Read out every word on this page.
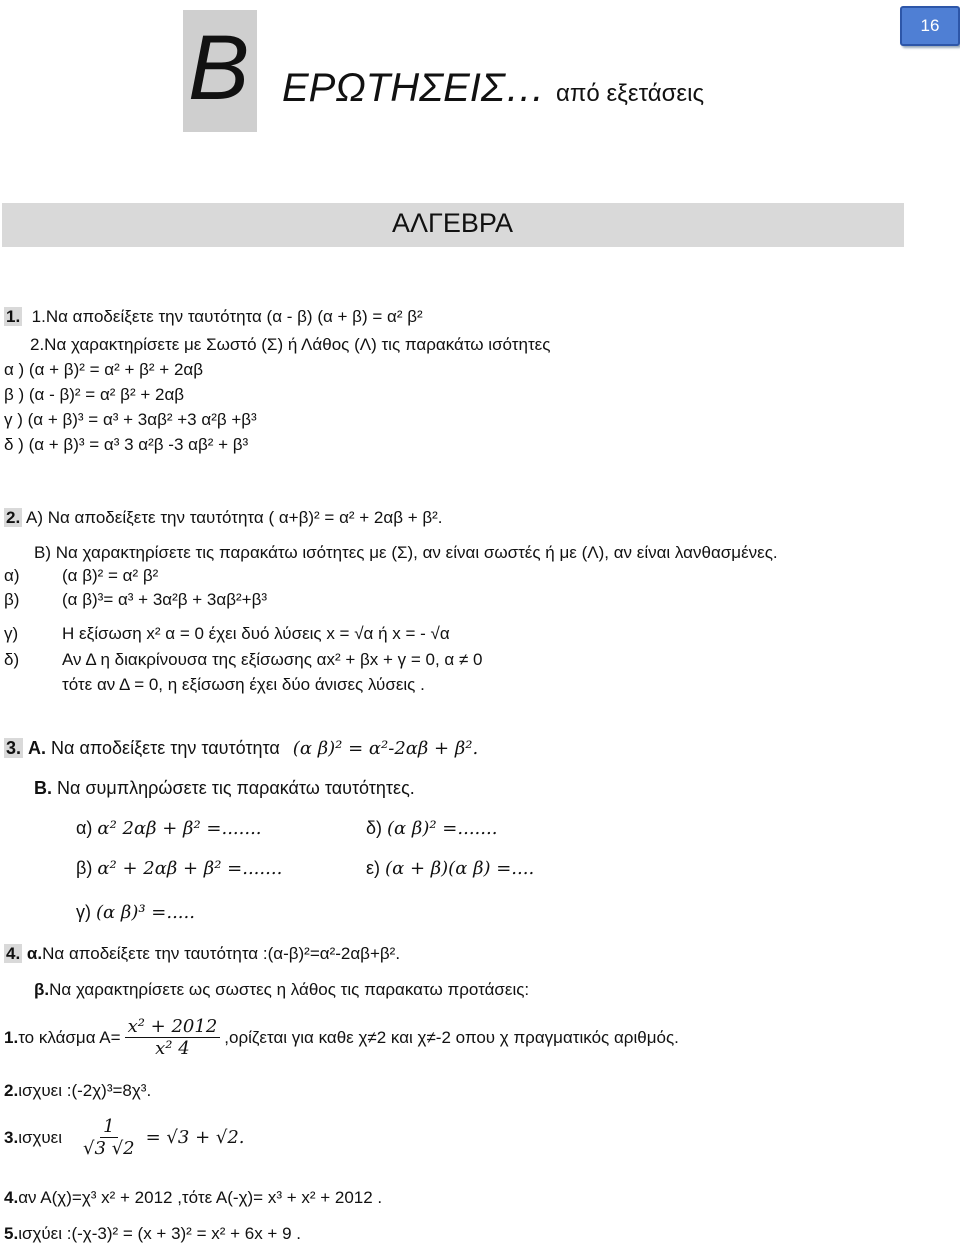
16
B ΕΡΩΤΗΣΕΙΣ… από εξετάσεις
ΑΛΓΕΒΡΑ
1. 1.Να αποδείξετε την ταυτότητα (α - β) (α + β) = α² β²
2.Να χαρακτηρίσετε με Σωστό (Σ) ή Λάθος (Λ) τις παρακάτω ισότητες
α ) (α + β)² = α² + β² + 2αβ
β ) (α - β)² = α² β² + 2αβ
γ ) (α + β)³ = α³ + 3αβ² +3 α²β +β³
δ ) (α + β)³ = α³ 3 α²β -3 αβ² + β³
2. Α) Να αποδείξετε την ταυτότητα ( α+β)² = α² + 2αβ + β².
Β) Να χαρακτηρίσετε τις παρακάτω ισότητες με (Σ), αν είναι σωστές ή με (Λ), αν είναι λανθασμένες.
α)	(α β)² = α² β²
β)	(α β)³= α³ + 3α²β + 3αβ²+β³
γ)	Η εξίσωση x² α = 0 έχει δυό λύσεις x = √α ή x = - √α
δ)	Αν Δ η διακρίνουσα της εξίσωσης αx² + βx + γ = 0, α ≠ 0
τότε αν Δ = 0, η εξίσωση έχει δύο άνισες λύσεις .
3. Α. Να αποδείξετε την ταυτότητα (α β)² = α²-2αβ + β².
Β. Να συμπληρώσετε τις παρακάτω ταυτότητες.
α) α² 2αβ + β² =.......	δ) (α β)² =.......
β) α² + 2αβ + β² =.......	ε) (α + β)(α β) =....
γ) (α β)³ =.....
4. α.Να αποδείξετε την ταυτότητα :(α-β)²=α²-2αβ+β².
β.Να χαρακτηρίσετε ως σωστες η λάθος τις παρακατω προτάσεις:
1. το κλάσμα $A= \frac{\text{x² + 2012}}{\text{x² 4}} ,o\rho ί\zeta\varepsilon\tau\alpha\iota$ για καθε χ≠2 και χ≠-2 οπου χ πραγματικός αριθμός.
2.ισχυει :(-2χ)³=8χ³.
3. ισχυει $\frac{1}{√3 √2} = √3 + √2$.
4.αν Α(χ)=χ³ x² + 2012 ,τότε Α(-χ)= x³ + x² + 2012 .
5.ισχύει :(-χ-3)² = (x + 3)² = x² + 6x + 9 .
